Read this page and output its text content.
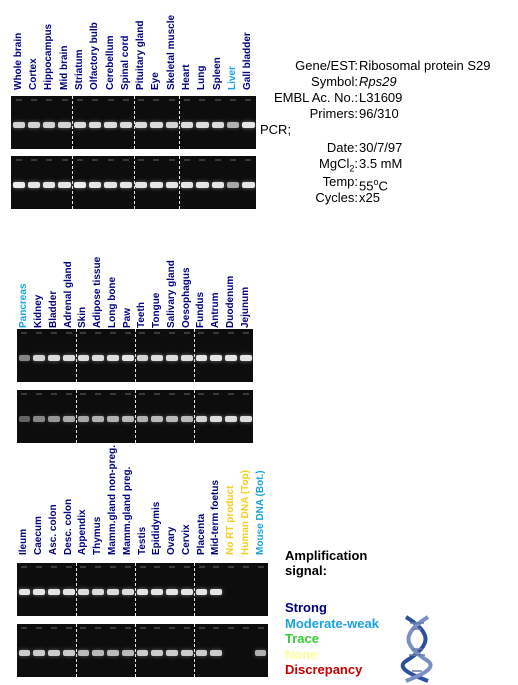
Whole brain Cortex Hippocampus Mid brain Striatum Olfactory bulb Cerebellum Spinal cord Pituitary gland Eye Skeletal muscle Heart Lung Spleen Liver Gall bladder	Gene/EST: Ribosomal protein S29
Symbol: Rps29
EMBL Ac. No.: L31609
Primers: 96/310
PCR;
Date: 30/7/97
MgCl$_2$: 3.5 mM
Temp: 55$^o$C
Cycles: x25
Pancreas Kidney Bladder Adrenal gland Skin Adipose tissue Long bone Paw Teeth Tongue Salivary gland Oesophagus Fundus Antrum Duodenum Jejunum
Ileum Caecum Asc. colon Desc. colon Appendix Thymus Mamm.gland non-preg. Mamm.gland preg. Testis Epididymis Ovary Cervix Placenta Mid-term foetus No RT product Human DNA (Top) Mouse DNA (Bot.)
Amplification
signal:
Strong
Moderate-weak
Trace
None
Discrepancy
